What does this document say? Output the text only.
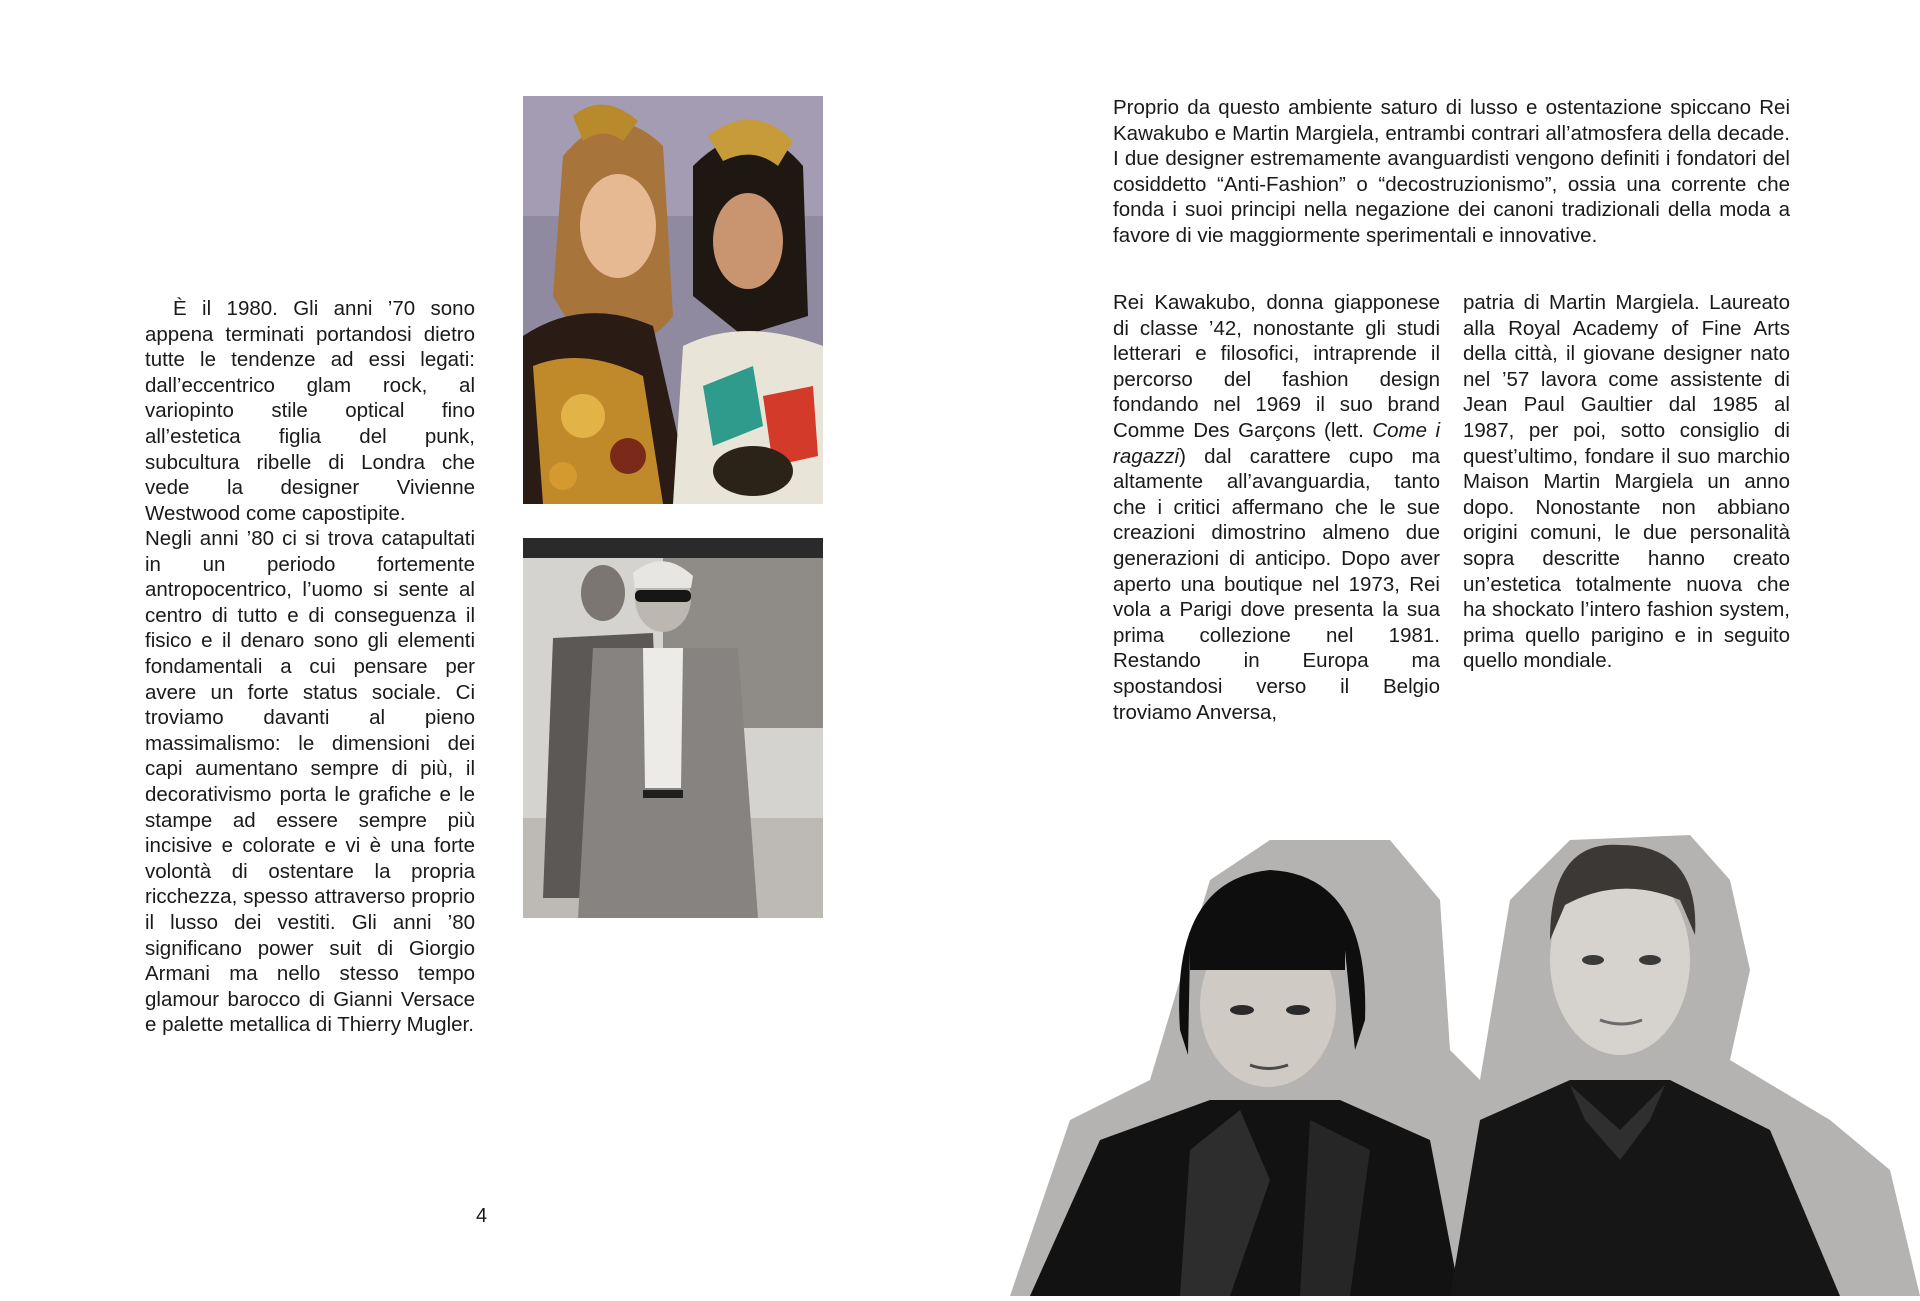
È il 1980. Gli anni ’70 sono appena terminati portandosi dietro tutte le tendenze ad essi legati: dall’eccentrico glam rock, al variopinto stile optical fino all’estetica figlia del punk, subcultura ribelle di Londra che vede la designer Vivienne Westwood come capostipite.

Negli anni ’80 ci si trova catapultati in un periodo fortemente antropocentrico, l’uomo si sente al centro di tutto e di conseguenza il fisico e il denaro sono gli elementi fondamentali a cui pensare per avere un forte status sociale. Ci troviamo davanti al pieno massimalismo: le dimensioni dei capi aumentano sempre di più, il decorativismo porta le grafiche e le stampe ad essere sempre più incisive e colorate e vi è una forte volontà di ostentare la propria ricchezza, spesso attraverso proprio il lusso dei vestiti. Gli anni ’80 significano power suit di Giorgio Armani ma nello stesso tempo glamour barocco di Gianni Versace e palette metallica di Thierry Mugler.

4

Proprio da questo ambiente saturo di lusso e ostentazione spiccano Rei Kawakubo e Martin Margiela, entrambi contrari all’atmosfera della decade. I due designer estremamente avanguardisti vengono definiti i fondatori del cosiddetto “Anti-Fashion” o “decostruzionismo”, ossia una corrente che fonda i suoi principi nella negazione dei canoni tradizionali della moda a favore di vie maggiormente sperimentali e innovative.

Rei Kawakubo, donna giapponese di classe ’42, nonostante gli studi letterari e filosofici, intraprende il percorso del fashion design fondando nel 1969 il suo brand Comme Des Garçons (lett. Come i ragazzi) dal carattere cupo ma altamente all’avanguardia, tanto che i critici affermano che le sue creazioni dimostrino almeno due generazioni di anticipo. Dopo aver aperto una boutique nel 1973, Rei vola a Parigi dove presenta la sua prima collezione nel 1981. Restando in Europa ma spostandosi verso il Belgio troviamo Anversa,

patria di Martin Margiela. Laureato alla Royal Academy of Fine Arts della città, il giovane designer nato nel ’57 lavora come assistente di Jean Paul Gaultier dal 1985 al 1987, per poi, sotto consiglio di quest’ultimo, fondare il suo marchio Maison Martin Margiela un anno dopo. Nonostante non abbiano origini comuni, le due personalità sopra descritte hanno creato un’estetica totalmente nuova che ha shockato l’intero fashion system, prima quello parigino e in seguito quello mondiale.
